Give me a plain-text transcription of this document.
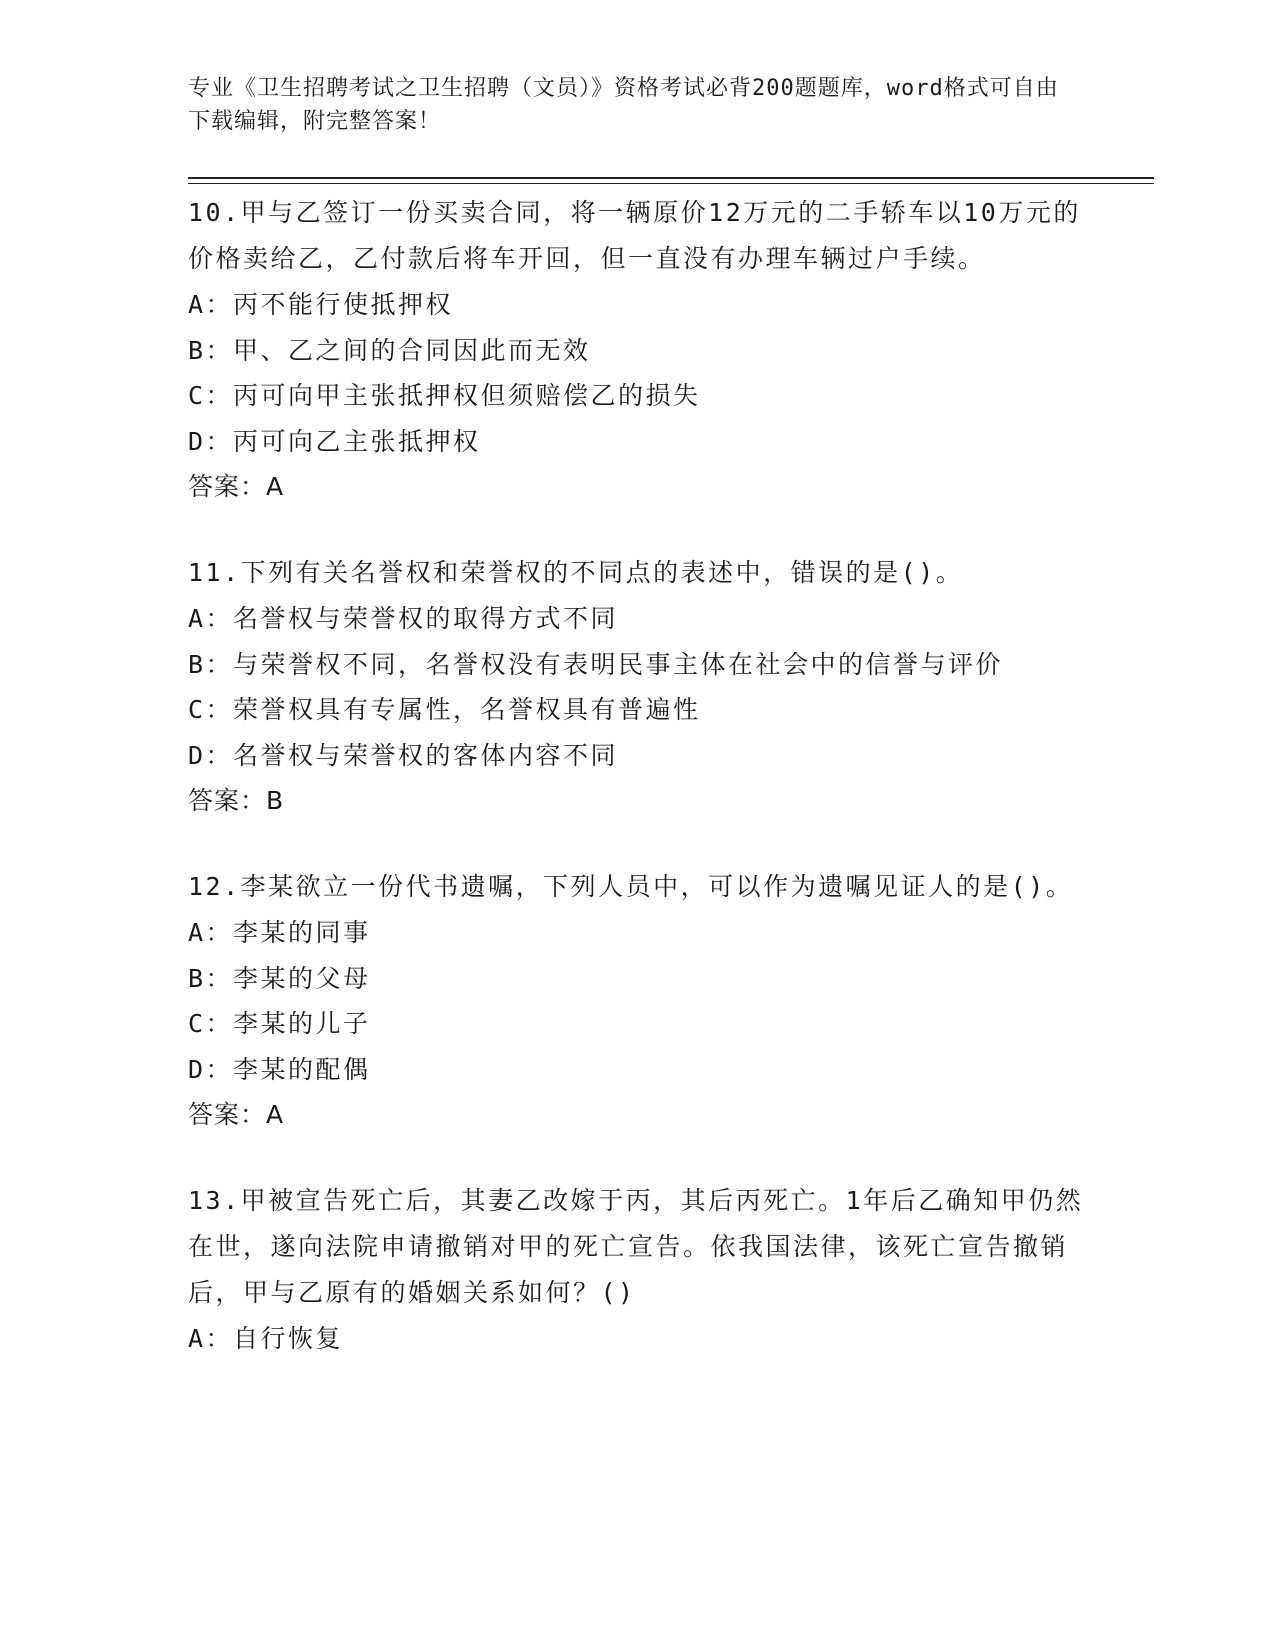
专业《卫生招聘考试之卫生招聘（文员）》资格考试必背200题题库，word格式可自由下载编辑，附完整答案！

10.甲与乙签订一份买卖合同，将一辆原价12万元的二手轿车以10万元的价格卖给乙，乙付款后将车开回，但一直没有办理车辆过户手续。

A：丙不能行使抵押权

B：甲、乙之间的合同因此而无效

C：丙可向甲主张抵押权但须赔偿乙的损失

D：丙可向乙主张抵押权

答案：A

11.下列有关名誉权和荣誉权的不同点的表述中，错误的是()。

A：名誉权与荣誉权的取得方式不同

B：与荣誉权不同，名誉权没有表明民事主体在社会中的信誉与评价

C：荣誉权具有专属性，名誉权具有普遍性

D：名誉权与荣誉权的客体内容不同

答案：B

12.李某欲立一份代书遗嘱，下列人员中，可以作为遗嘱见证人的是()。

A：李某的同事

B：李某的父母

C：李某的儿子

D：李某的配偶

答案：A

13.甲被宣告死亡后，其妻乙改嫁于丙，其后丙死亡。1年后乙确知甲仍然在世，遂向法院申请撤销对甲的死亡宣告。依我国法律，该死亡宣告撤销后，甲与乙原有的婚姻关系如何？()

A：自行恢复
